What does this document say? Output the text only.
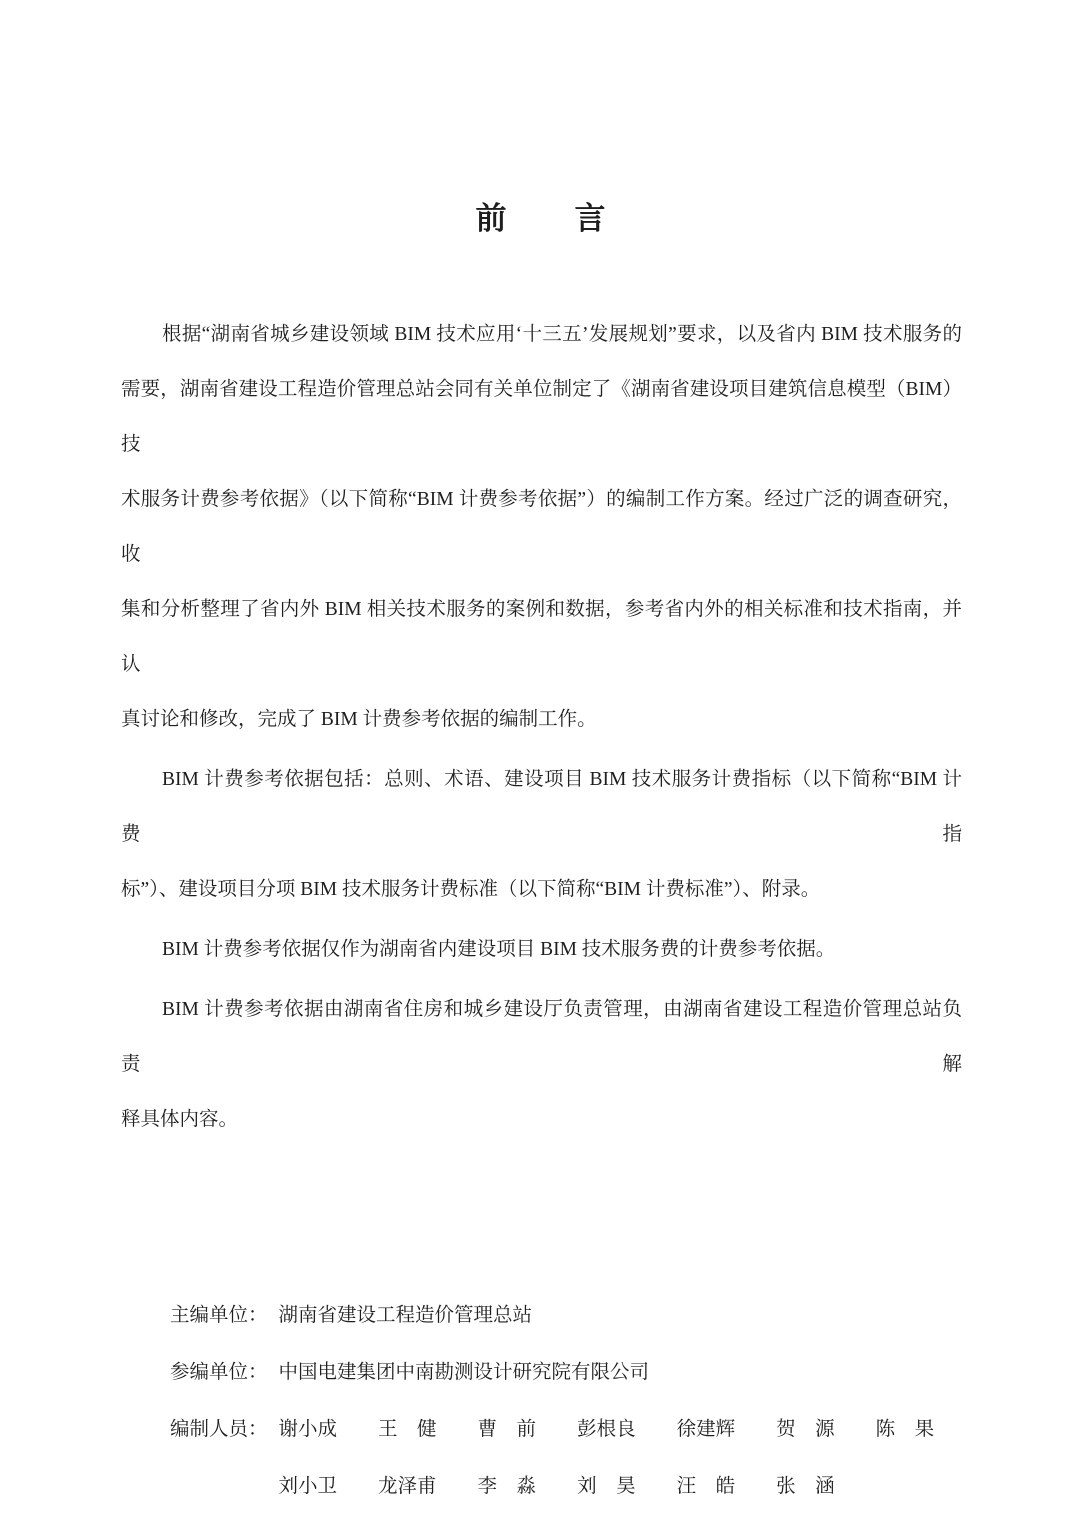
前　　言
根据“湖南省城乡建设领域 BIM 技术应用‘十三五’发展规划”要求，以及省内 BIM 技术服务的
需要，湖南省建设工程造价管理总站会同有关单位制定了《湖南省建设项目建筑信息模型（BIM）技
术服务计费参考依据》（以下简称“BIM 计费参考依据”）的编制工作方案。经过广泛的调查研究，收
集和分析整理了省内外 BIM 相关技术服务的案例和数据，参考省内外的相关标准和技术指南，并认
真讨论和修改，完成了 BIM 计费参考依据的编制工作。
BIM 计费参考依据包括：总则、术语、建设项目 BIM 技术服务计费指标（以下简称“BIM 计费指
标”）、建设项目分项 BIM 技术服务计费标准（以下简称“BIM 计费标准”）、附录。
BIM 计费参考依据仅作为湖南省内建设项目 BIM 技术服务费的计费参考依据。
BIM 计费参考依据由湖南省住房和城乡建设厅负责管理，由湖南省建设工程造价管理总站负责解
释具体内容。
主编单位： 湖南省建设工程造价管理总站
参编单位： 中国电建集团中南勘测设计研究院有限公司
编制人员： 谢小成 王　健 曹　前 彭根良 徐建辉 贺　源 陈　果
刘小卫 龙泽甫 李　淼 刘　昊 汪　皓 张　涵
